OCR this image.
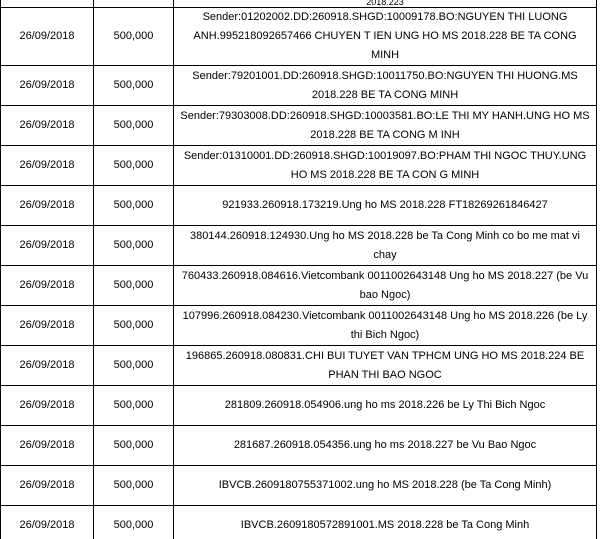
		2018.223
26/09/2018	500,000	Sender:01202002.DD:260918.SHGD:10009178.BO:NGUYEN THI LUONG ANH.995218092657466 CHUYEN T IEN UNG HO MS 2018.228 BE TA CONG MINH
26/09/2018	500,000	Sender:79201001.DD:260918.SHGD:10011750.BO:NGUYEN THI HUONG.MS 2018.228 BE TA CONG MINH
26/09/2018	500,000	Sender:79303008.DD:260918.SHGD:10003581.BO:LE THI MY HANH.UNG HO MS 2018.228 BE TA CONG M INH
26/09/2018	500,000	Sender:01310001.DD:260918.SHGD:10019097.BO:PHAM THI NGOC THUY.UNG HO MS 2018.228 BE TA CON G MINH
26/09/2018	500,000	921933.260918.173219.Ung ho MS 2018.228 FT18269261846427
26/09/2018	500,000	380144.260918.124930.Ung ho MS 2018.228 be Ta Cong Minh co bo me mat vi chay
26/09/2018	500,000	760433.260918.084616.Vietcombank 0011002643148 Ung ho MS 2018.227 (be Vu bao Ngoc)
26/09/2018	500,000	107996.260918.084230.Vietcombank 0011002643148 Ung ho MS 2018.226 (be Ly thi Bich Ngoc)
26/09/2018	500,000	196865.260918.080831.CHI BUI TUYET VAN TPHCM UNG HO MS 2018.224 BE PHAN THI BAO NGOC
26/09/2018	500,000	281809.260918.054906.ung ho ms 2018.226 be Ly Thi Bich Ngoc
26/09/2018	500,000	281687.260918.054356.ung ho ms 2018.227 be Vu Bao Ngoc
26/09/2018	500,000	IBVCB.2609180755371002.ung ho MS 2018.228 (be Ta Cong Minh)
26/09/2018	500,000	IBVCB.2609180572891001.MS 2018.228 be Ta Cong Minh
